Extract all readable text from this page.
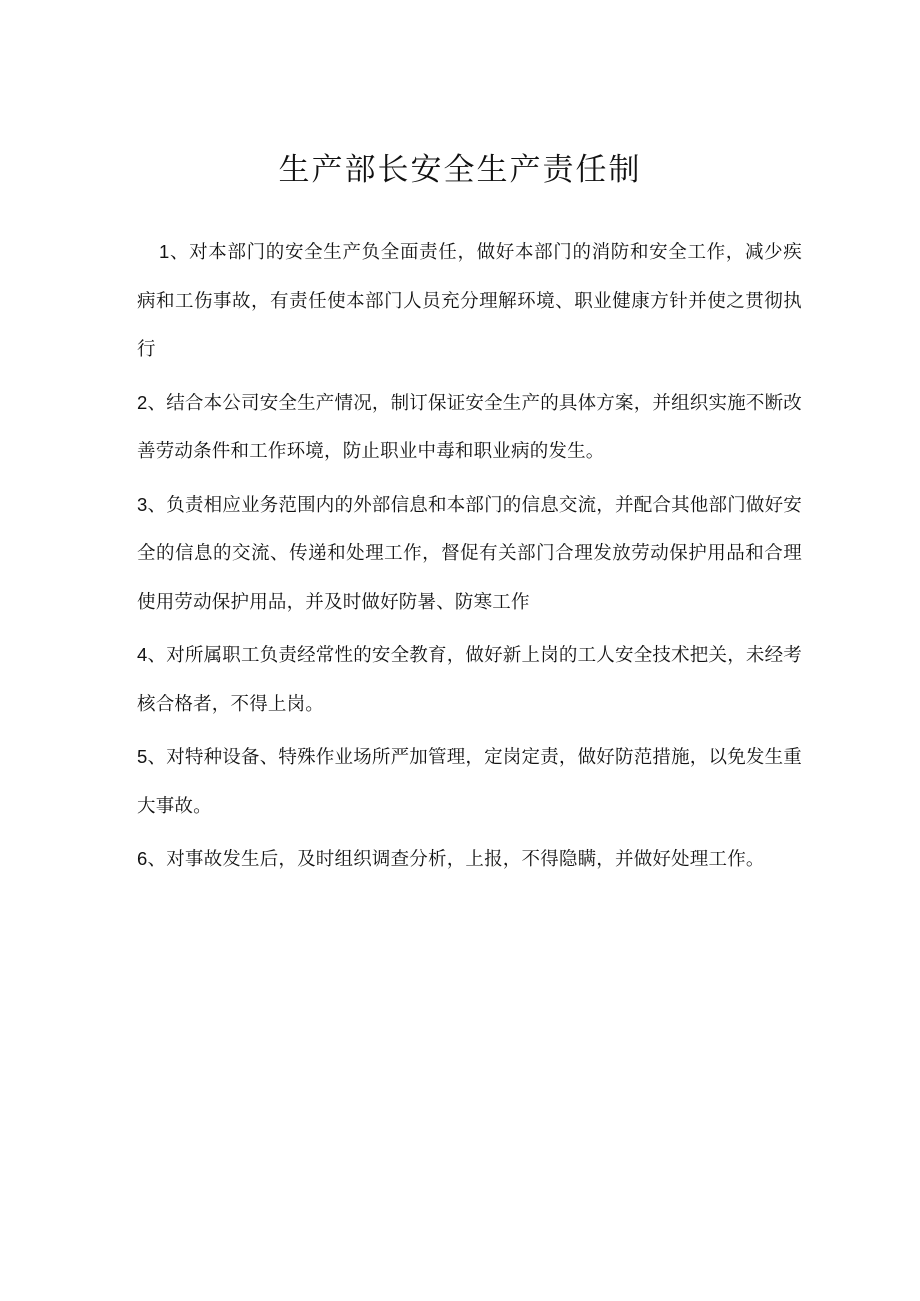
生产部长安全生产责任制

1、对本部门的安全生产负全面责任，做好本部门的消防和安全工作，减少疾病和工伤事故，有责任使本部门人员充分理解环境、职业健康方针并使之贯彻执行

2、结合本公司安全生产情况，制订保证安全生产的具体方案，并组织实施不断改善劳动条件和工作环境，防止职业中毒和职业病的发生。

3、负责相应业务范围内的外部信息和本部门的信息交流，并配合其他部门做好安全的信息的交流、传递和处理工作，督促有关部门合理发放劳动保护用品和合理使用劳动保护用品，并及时做好防暑、防寒工作

4、对所属职工负责经常性的安全教育，做好新上岗的工人安全技术把关，未经考核合格者，不得上岗。

5、对特种设备、特殊作业场所严加管理，定岗定责，做好防范措施，以免发生重大事故。

6、对事故发生后，及时组织调查分析，上报，不得隐瞒，并做好处理工作。
